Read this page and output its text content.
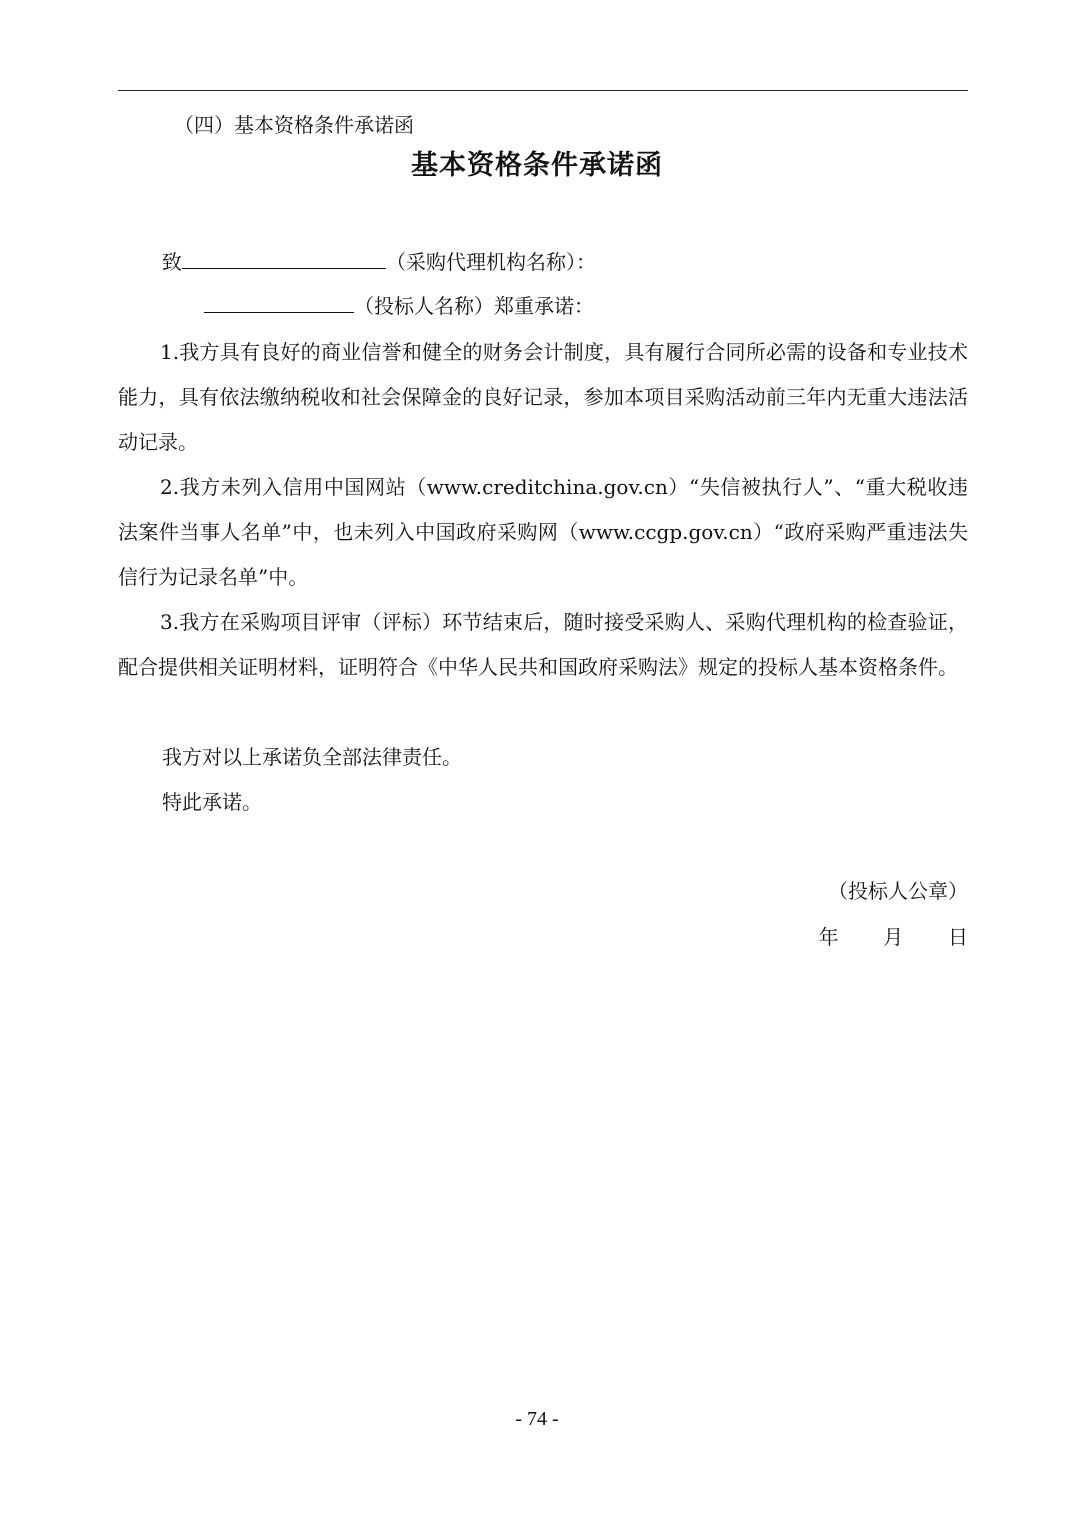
（四）基本资格条件承诺函
基本资格条件承诺函
致	（采购代理机构名称）：
（投标人名称）郑重承诺：
1.我方具有良好的商业信誉和健全的财务会计制度，具有履行合同所必需的设备和专业技术能力，具有依法缴纳税收和社会保障金的良好记录，参加本项目采购活动前三年内无重大违法活动记录。
2.我方未列入信用中国网站（www.creditchina.gov.cn）“失信被执行人”、“重大税收违法案件当事人名单”中，也未列入中国政府采购网（www.ccgp.gov.cn）“政府采购严重违法失信行为记录名单”中。
3.我方在采购项目评审（评标）环节结束后，随时接受采购人、采购代理机构的检查验证，配合提供相关证明材料，证明符合《中华人民共和国政府采购法》规定的投标人基本资格条件。
我方对以上承诺负全部法律责任。
特此承诺。
（投标人公章）
年 月 日
- 74 -
